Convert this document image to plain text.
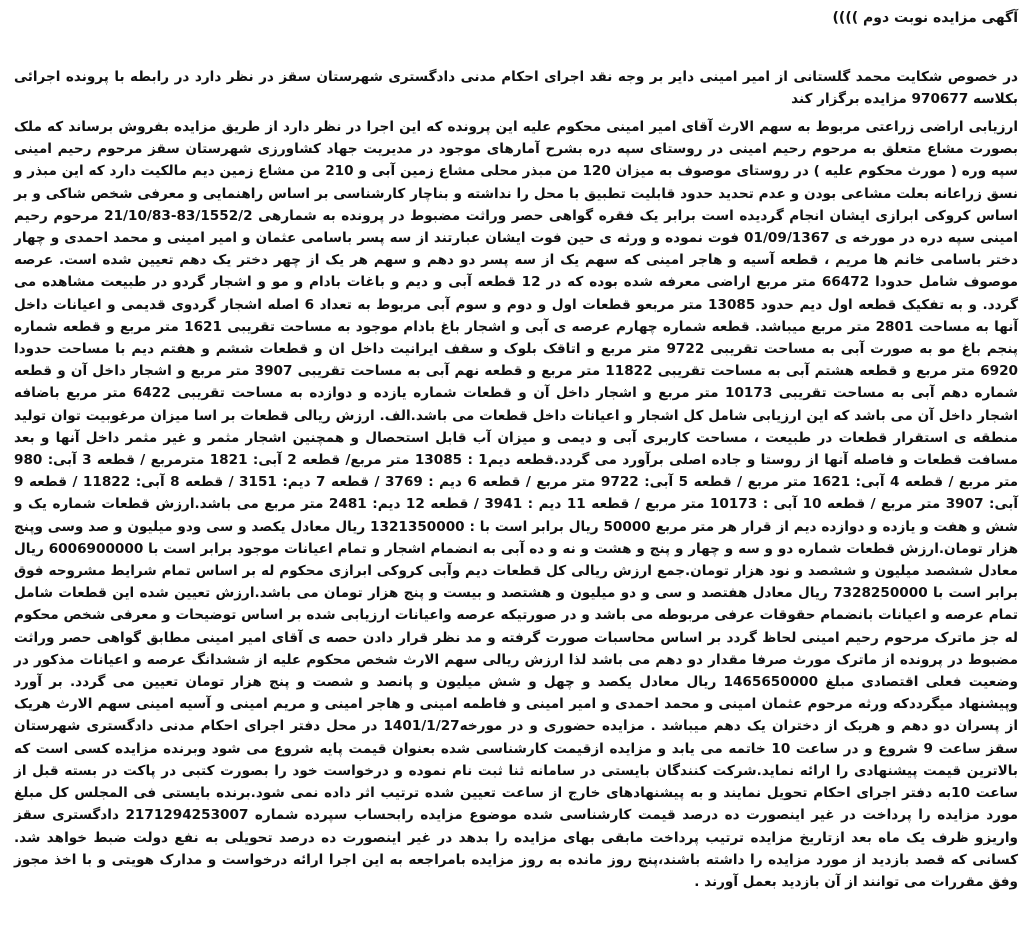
آگهی مزایده نوبت دوم ))))

در خصوص شکایت محمد گلستانی از امیر امینی دایر بر وجه نقد اجرای احکام مدنی دادگستری شهرستان سقز در نظر دارد در رابطه با پرونده اجرائی بکلاسه 970677 مزایده برگزار کند

ارزیابی اراضی زراعتی مربوط به سهم الارث آقای امیر امینی محکوم علیه این پرونده که این اجرا در نظر دارد از طریق مزایده بفروش برساند که ملک بصورت مشاع متعلق به مرحوم رحیم امینی در روستای سپه دره بشرح آمارهای موجود در مدیریت جهاد کشاورزی شهرستان سقز مرحوم رحیم امینی سپه وره ( مورث محکوم علیه ) در روستای موصوف به میزان 120 من مبذر محلی مشاع زمین آبی و 210 من مشاع زمین دیم مالکیت دارد که این مبذر و نسق زراعانه بعلت مشاعی بودن و عدم تحدید حدود قابلیت تطبیق با محل را نداشته و بناچار کارشناسی بر اساس راهنمایی و معرفی شخص شاکی و بر اساس کروکی ابرازی ایشان انجام گردیده است برابر یک فقره گواهی حصر وراثت مضبوط در پرونده به شمارهی 83/1552/2-21/10/83 مرحوم رحیم امینی سپه دره در مورخه ی 01/09/1367 فوت نموده و ورثه ی حین فوت ایشان عبارتند از سه پسر باسامی عثمان و امیر امینی و محمد احمدی و چهار دختر باسامی خانم ها مریم ، قطعه آسیه و هاجر امینی که سهم یک از سه پسر دو دهم و سهم هر یک از چهر دختر یک دهم تعیین شده است. عرصه موصوف شامل حدودا 66472 متر مربع اراضی معرفه شده بوده که در 12 قطعه آبی و دیم و باغات بادام و مو و اشجار گردو در طبیعت مشاهده می گردد. و به تفکیک قطعه اول دیم حدود 13085 متر مربعو قطعات اول و دوم و سوم آبی مربوط به تعداد 6 اصله اشجار گردوی قدیمی و اعیانات داخل آنها به مساحت 2801 متر مربع میباشد. قطعه شماره چهارم عرصه ی آبی و اشجار باغ بادام موجود به مساحت تقریبی 1621 متر مربع و قطعه شماره پنجم باغ مو به صورت آبی به مساحت تقریبی 9722 متر مربع و اتاقک بلوک و سقف ایرانیت داخل ان و قطعات ششم و هفتم دیم با مساحت حدودا 6920 متر مربع و قطعه هشتم آبی به مساحت تقریبی 11822 متر مربع و قطعه نهم آبی به مساحت تقریبی 3907 متر مربع و اشجار داخل آن و قطعه شماره دهم آبی به مساحت تقریبی 10173 متر مربع و اشجار داخل آن و قطعات شماره یازده و دوازده به مساحت تقریبی 6422 متر مربع باضافه اشجار داخل آن می باشد که این ارزیابی شامل کل اشجار و اعیانات داخل قطعات می باشد.الف. ارزش ریالی قطعات بر اسا میزان مرغوبیت توان تولید منطقه ی استقرار قطعات در طبیعت ، مساحت کاربری آبی و دیمی و میزان آب قابل استحصال و همچنین اشجار مثمر و غیر مثمر داخل آنها و بعد مسافت قطعات و فاصله آنها از روستا و جاده اصلی برآورد می گردد.قطعه دیم1 : 13085 متر مربع/ قطعه 2 آبی: 1821 مترمربع / قطعه 3 آبی: 980 متر مربع / قطعه 4 آبی: 1621 متر مربع / قطعه 5 آبی: 9722 متر مربع / قطعه 6 دیم : 3769 / قطعه 7 دیم: 3151 / قطعه 8 آبی: 11822 / قطعه 9 آبی: 3907 متر مربع / قطعه 10 آبی : 10173 متر مربع / قطعه 11 دیم : 3941 / قطعه 12 دیم: 2481 متر مربع می باشد.ارزش قطعات شماره یک و شش و هفت و یازده و دوازده دیم از قرار هر متر مربع 50000 ریال برابر است با : 1321350000 ریال معادل یکصد و سی ودو میلیون و صد وسی وپنج هزار تومان.ارزش قطعات شماره دو و سه و چهار و پنج و هشت و نه و ده آبی به انضمام اشجار و تمام اعیانات موجود برابر است با 6006900000 ریال معادل ششصد میلیون و ششصد و نود هزار تومان.جمع ارزش ریالی کل قطعات دیم وآبی کروکی ابرازی محکوم له بر اساس تمام شرایط مشروحه فوق برابر است با 7328250000 ریال معادل هفتصد و سی و دو میلیون و هشتصد و بیست و پنج هزار تومان می باشد.ارزش تعیین شده این قطعات شامل تمام عرصه و اعیانات بانضمام حقوقات عرفی مربوطه می باشد و در صورتیکه عرصه واعیانات ارزیابی شده بر اساس توضیحات و معرفی شخص محکوم له جز ماترک مرحوم رحیم امینی لحاظ گردد بر اساس محاسبات صورت گرفته و مد نظر قرار دادن حصه ی آقای امیر امینی مطابق گواهی حصر وراثت مضبوط در پرونده از ماترک مورث صرفا مقدار دو دهم می باشد لذا ارزش ریالی سهم الارث شخص محکوم علیه از ششدانگ عرصه و اعیانات مذکور در وضعیت فعلی اقتصادی مبلغ 1465650000 ریال معادل یکصد و چهل و شش میلیون و پانصد و شصت و پنج هزار تومان تعیین می گردد. بر آورد وپیشنهاد میگرددکه ورثه مرحوم عثمان امینی و محمد احمدی و امیر امینی و فاطمه امینی و هاجر امینی و مریم امینی و آسیه امینی سهم الارث هریک از پسران دو دهم و هریک از دختران یک دهم میباشد . مزایده حضوری و در مورخه1401/1/27 در محل دفتر اجرای احکام مدنی دادگستری شهرستان سقز ساعت 9 شروع و در ساعت 10 خاتمه می یابد و مزایده ازقیمت کارشناسی شده بعنوان قیمت پایه شروع می شود وبرنده مزایده کسی است که بالاترین قیمت پیشنهادی را ارائه نماید.شرکت کنندگان بایستی در سامانه ثنا ثبت نام نموده و درخواست خود را بصورت کتبی در پاکت در بسته قبل از ساعت 10به دفتر اجرای احکام تحویل نمایند و به پیشنهادهای خارج از ساعت تعیین شده ترتیب اثر داده نمی شود.برنده بایستی فی المجلس کل مبلغ مورد مزایده را پرداخت در غیر اینصورت ده درصد قیمت کارشناسی شده موضوع مزایده رابحساب سپرده شماره 2171294253007 دادگستری سقز واریزو ظرف یک ماه بعد ازتاریخ مزایده ترتیب پرداخت مابقی بهای مزایده را بدهد در غیر اینصورت ده درصد تحویلی به نفع دولت ضبط خواهد شد. کسانی که قصد بازدید از مورد مزایده را داشته باشند،پنج روز مانده به روز مزایده بامراجعه به این اجرا ارائه درخواست و مدارک هویتی و با اخذ مجوز وفق مقررات می توانند از آن بازدید بعمل آورند .
